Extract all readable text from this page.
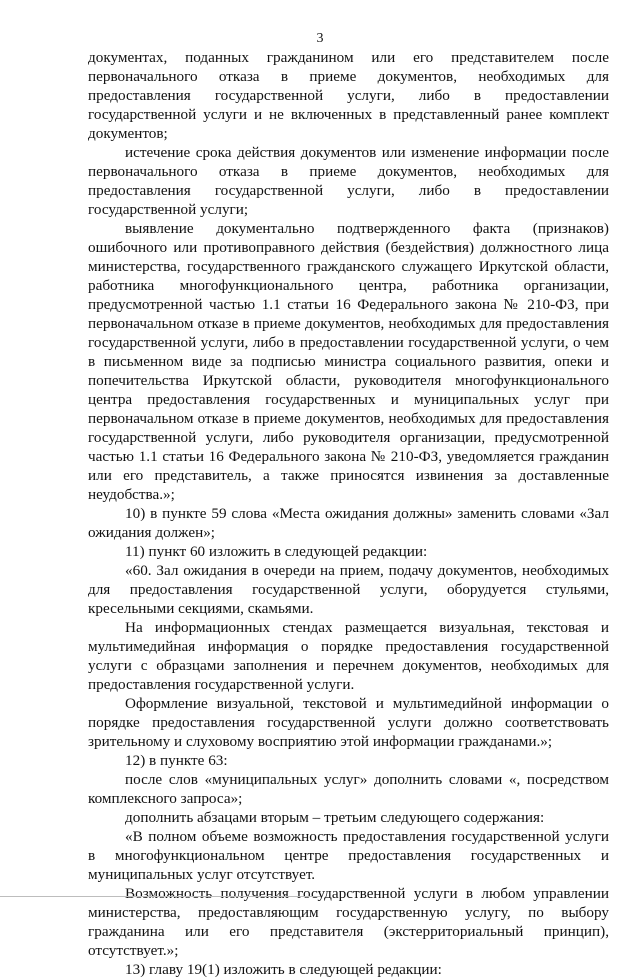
3

документах, поданных гражданином или его представителем после первоначального отказа в приеме документов, необходимых для предоставления государственной услуги, либо в предоставлении государственной услуги и не включенных в представленный ранее комплект документов;

истечение срока действия документов или изменение информации после первоначального отказа в приеме документов, необходимых для предоставления государственной услуги, либо в предоставлении государственной услуги;

выявление документально подтвержденного факта (признаков) ошибочного или противоправного действия (бездействия) должностного лица министерства, государственного гражданского служащего Иркутской области, работника многофункционального центра, работника организации, предусмотренной частью 1.1 статьи 16 Федерального закона № 210-ФЗ, при первоначальном отказе в приеме документов, необходимых для предоставления государственной услуги, либо в предоставлении государственной услуги, о чем в письменном виде за подписью министра социального развития, опеки и попечительства Иркутской области, руководителя многофункционального центра предоставления государственных и муниципальных услуг при первоначальном отказе в приеме документов, необходимых для предоставления государственной услуги, либо руководителя организации, предусмотренной частью 1.1 статьи 16 Федерального закона № 210-ФЗ, уведомляется гражданин или его представитель, а также приносятся извинения за доставленные неудобства.»;

10) в пункте 59 слова «Места ожидания должны» заменить словами «Зал ожидания должен»;

11) пункт 60 изложить в следующей редакции:

«60. Зал ожидания в очереди на прием, подачу документов, необходимых для предоставления государственной услуги, оборудуется стульями, кресельными секциями, скамьями.

На информационных стендах размещается визуальная, текстовая и мультимедийная информация о порядке предоставления государственной услуги с образцами заполнения и перечнем документов, необходимых для предоставления государственной услуги.

Оформление визуальной, текстовой и мультимедийной информации о порядке предоставления государственной услуги должно соответствовать зрительному и слуховому восприятию этой информации гражданами.»;

12) в пункте 63:

после слов «муниципальных услуг» дополнить словами «, посредством комплексного запроса»;

дополнить абзацами вторым – третьим следующего содержания:

«В полном объеме возможность предоставления государственной услуги в многофункциональном центре предоставления государственных и муниципальных услуг отсутствует.

Возможность получения государственной услуги в любом управлении министерства, предоставляющим государственную услугу, по выбору гражданина или его представителя (экстерриториальный принцип), отсутствует.»;

13) главу 19(1) изложить в следующей редакции:
